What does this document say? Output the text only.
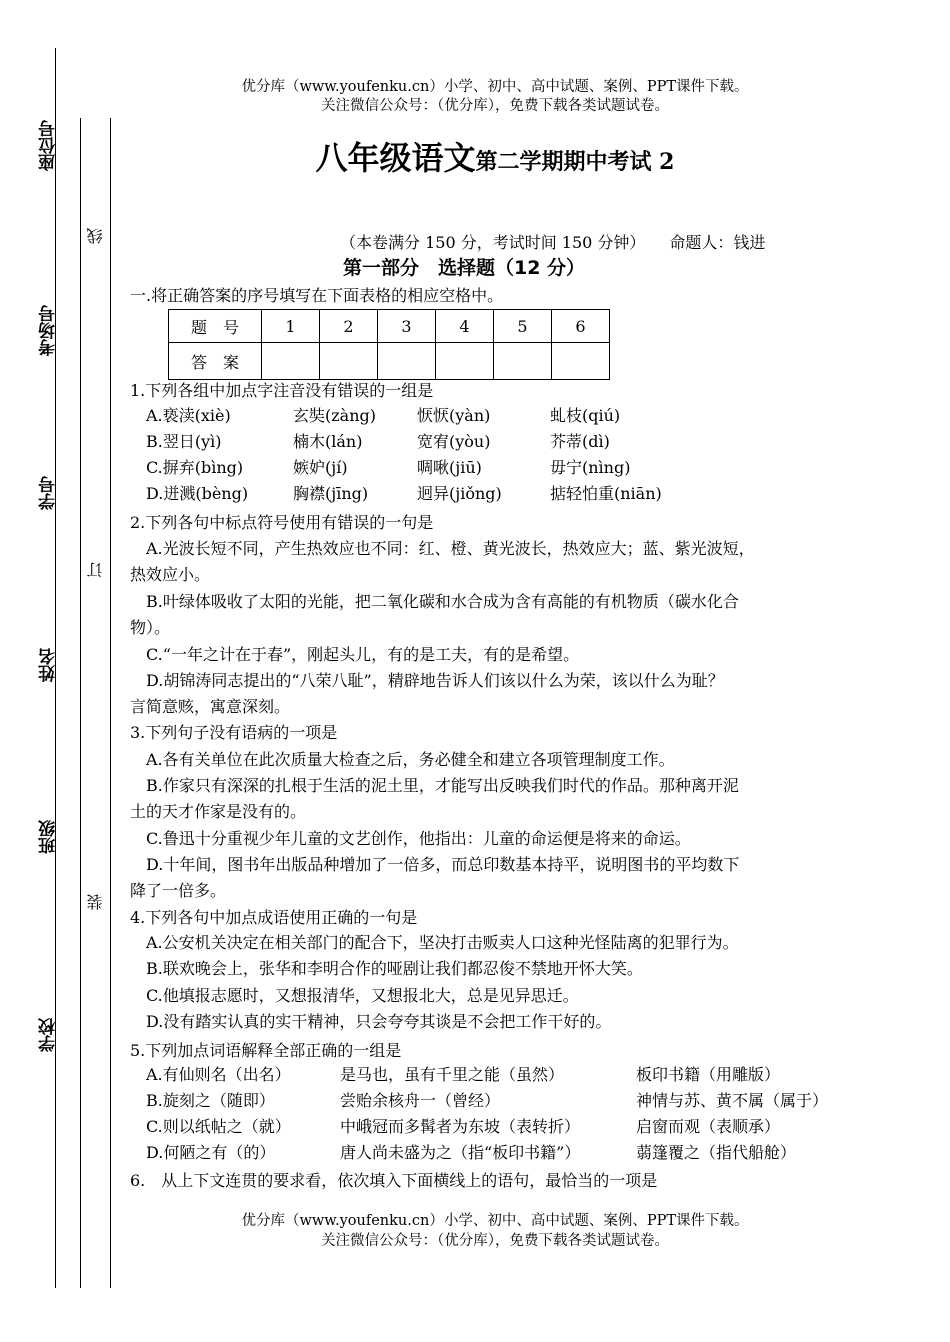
座位号
考场号
学号
姓名
班级
学校
线
订
装
优分库（www.youfenku.cn）小学、初中、高中试题、案例、PPT课件下载。
关注微信公众号：（优分库），免费下载各类试题试卷。
八年级语文第二学期期中考试 2
（本卷满分 150 分，考试时间 150 分钟）　　命题人：钱进
第一部分　选择题（12 分）
一.将正确答案的序号填写在下面表格的相应空格中。
题　号	1	2	3	4	5	6
答　案						
1.下列各组中加点字注音没有错误的一组是
A.亵渎(xiè)	玄奘(zàng)	恹恹(yàn)	虬枝(qiú)
B.翌日(yì)	楠木(lán)	宽宥(yòu)	芥蒂(dì)
C.摒弃(bìng)	嫉妒(jí)	啁啾(jiū)	毋宁(nìng)
D.迸溅(bèng)	胸襟(jīng)	迥异(jiǒng)	掂轻怕重(niān)
2.下列各句中标点符号使用有错误的一句是
A.光波长短不同，产生热效应也不同：红、橙、黄光波长，热效应大；蓝、紫光波短，
热效应小。
B.叶绿体吸收了太阳的光能，把二氧化碳和水合成为含有高能的有机物质（碳水化合
物）。
C.“一年之计在于春”，刚起头儿，有的是工夫，有的是希望。
D.胡锦涛同志提出的“八荣八耻”，精辟地告诉人们该以什么为荣，该以什么为耻？
言简意赅，寓意深刻。
3.下列句子没有语病的一项是
A.各有关单位在此次质量大检查之后，务必健全和建立各项管理制度工作。
B.作家只有深深的扎根于生活的泥土里，才能写出反映我们时代的作品。那种离开泥
土的天才作家是没有的。
C.鲁迅十分重视少年儿童的文艺创作，他指出：儿童的命运便是将来的命运。
D.十年间，图书年出版品种增加了一倍多，而总印数基本持平，说明图书的平均数下
降了一倍多。
4.下列各句中加点成语使用正确的一句是
A.公安机关决定在相关部门的配合下，坚决打击贩卖人口这种光怪陆离的犯罪行为。
B.联欢晚会上，张华和李明合作的哑剧让我们都忍俊不禁地开怀大笑。
C.他填报志愿时，又想报清华，又想报北大，总是见异思迁。
D.没有踏实认真的实干精神，只会夸夸其谈是不会把工作干好的。
5.下列加点词语解释全部正确的一组是
A.有仙则名（出名）	是马也，虽有千里之能（虽然）	板印书籍（用雕版）
B.旋刻之（随即）	尝贻余核舟一（曾经）	神情与苏、黄不属（属于）
C.则以纸帖之（就）	中峨冠而多髯者为东坡（表转折）	启窗而观（表顺承）
D.何陋之有（的）	唐人尚未盛为之（指“板印书籍”）	蒻篷覆之（指代船舱）
6.　从上下文连贯的要求看，依次填入下面横线上的语句，最恰当的一项是
优分库（www.youfenku.cn）小学、初中、高中试题、案例、PPT课件下载。
关注微信公众号：（优分库），免费下载各类试题试卷。
